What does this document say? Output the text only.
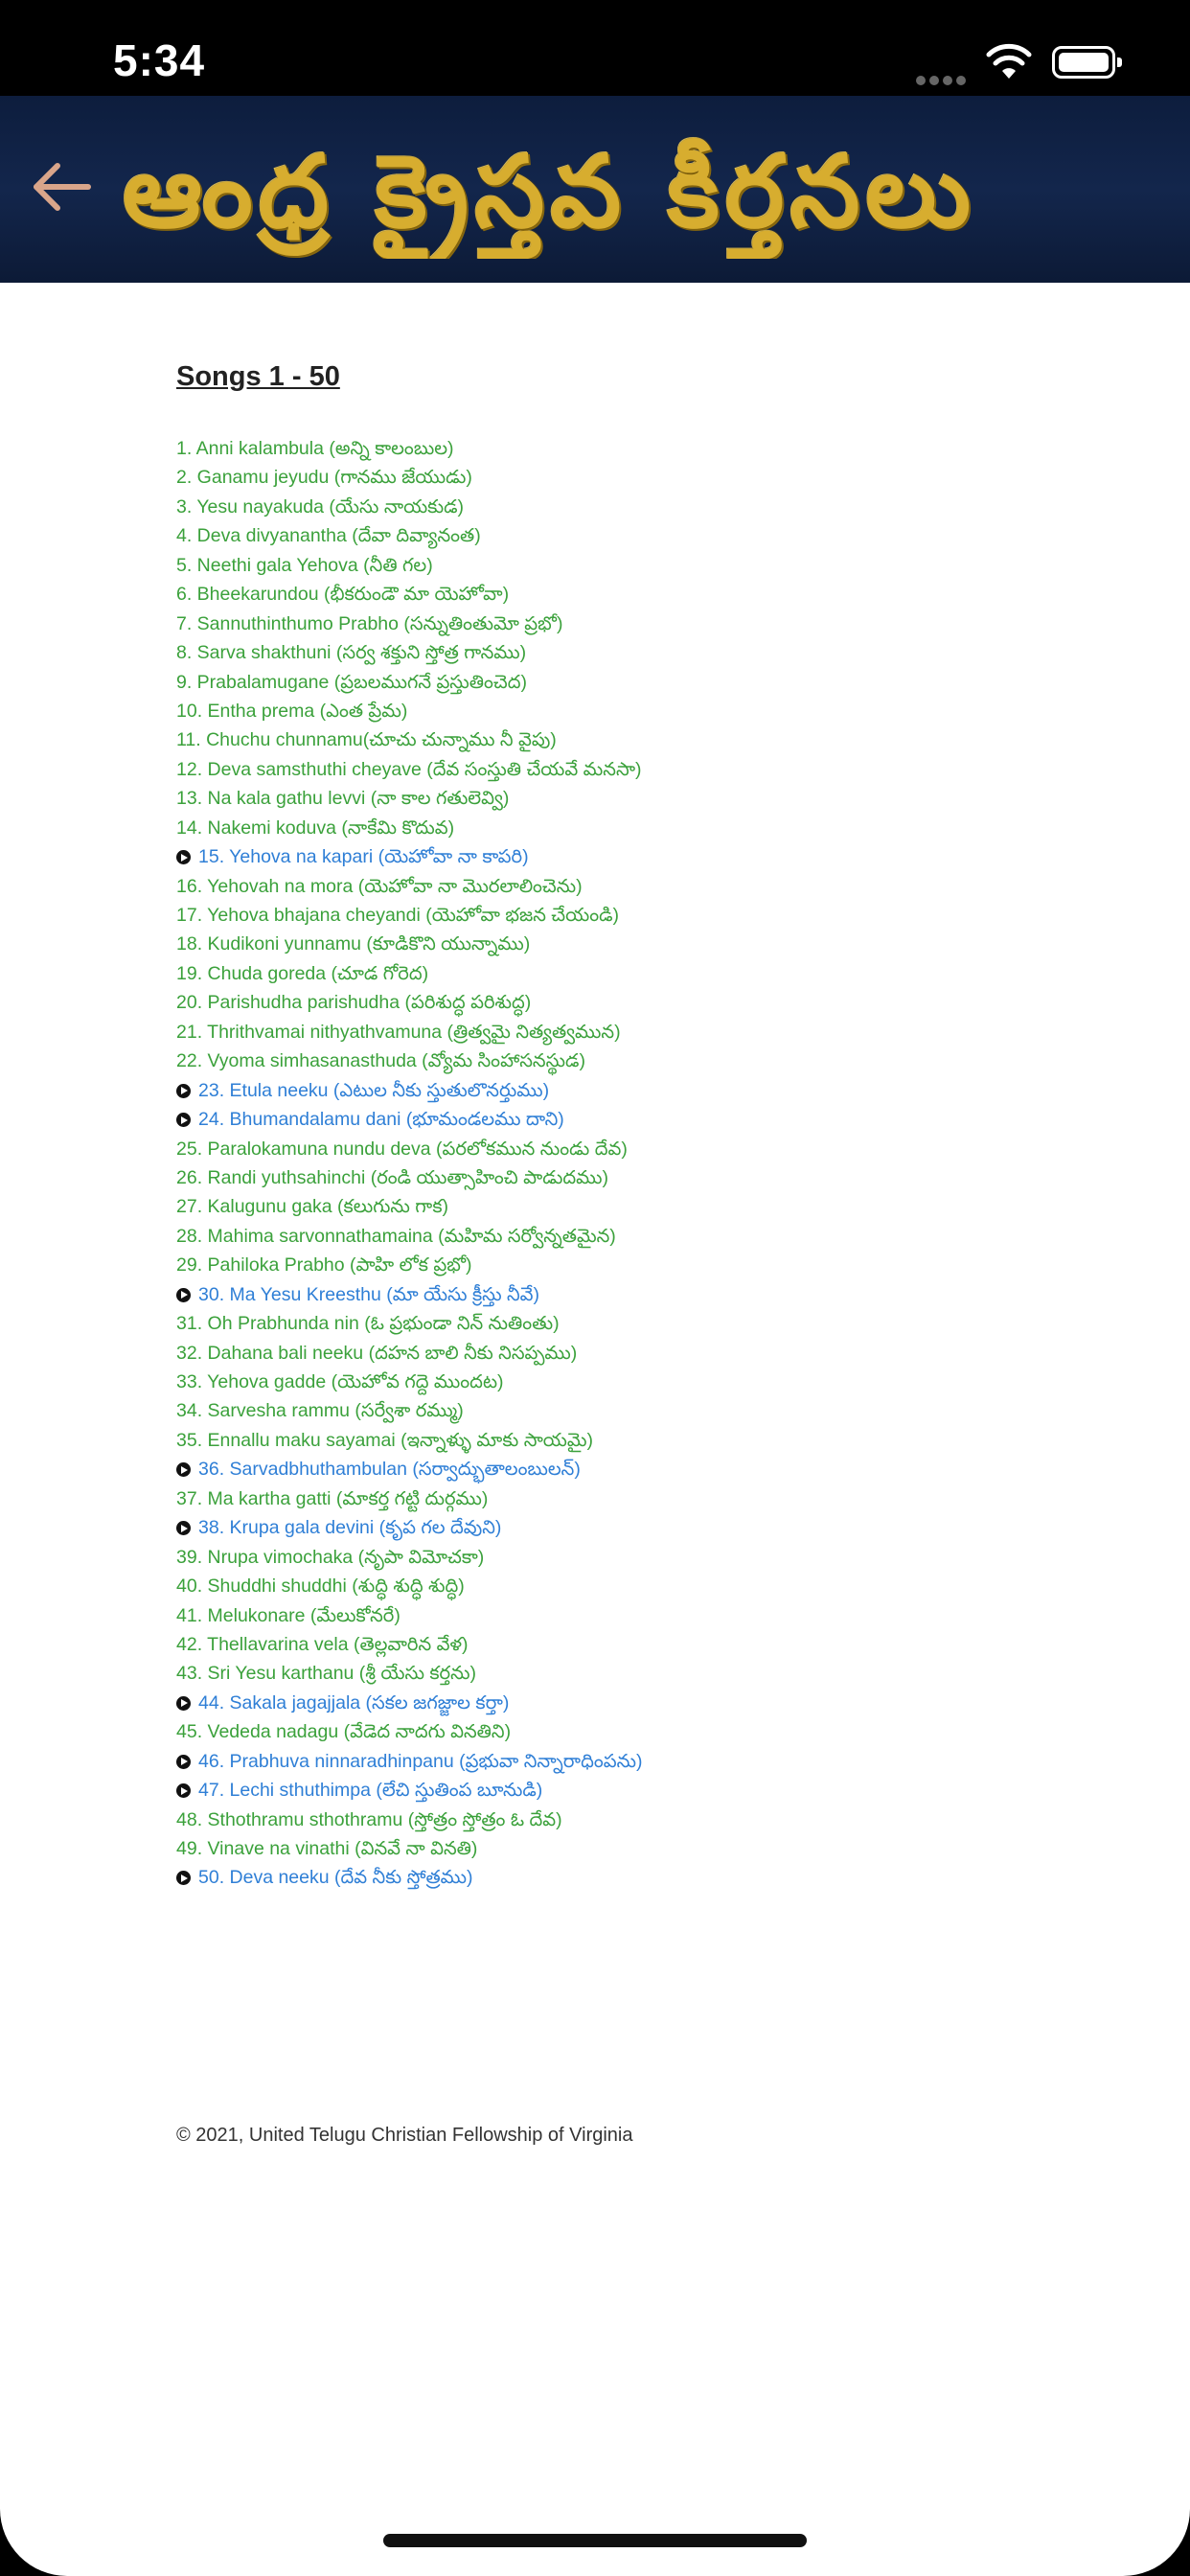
5:34
ఆంధ్ర క్రైస్తవ కీర్తనలు
Songs 1 - 50
1. Anni kalambula (అన్ని కాలంబుల)
2. Ganamu jeyudu (గానము జేయుడు)
3. Yesu nayakuda (యేసు నాయకుడ)
4. Deva divyanantha (దేవా దివ్యానంత)
5. Neethi gala Yehova (నీతి గల)
6. Bheekarundou (భీకరుండౌ మా యెహోవా)
7. Sannuthinthumo Prabho (సన్నుతింతుమో ప్రభో)
8. Sarva shakthuni (సర్వ శక్తుని స్తోత్ర గానము)
9. Prabalamugane (ప్రబలముగనే ప్రస్తుతించెద)
10. Entha prema (ఎంత ప్రేమ)
11. Chuchu chunnamu(చూచు చున్నాము నీ వైపు)
12. Deva samsthuthi cheyave (దేవ సంస్తుతి చేయవే మనసా)
13. Na kala gathu levvi (నా కాల గతులెవ్వి)
14. Nakemi koduva (నాకేమి కొదువ)
15. Yehova na kapari (యెహోవా నా కాపరి)
16. Yehovah na mora (యెహోవా నా మొరలాలించెను)
17. Yehova bhajana cheyandi (యెహోవా భజన చేయండి)
18. Kudikoni yunnamu (కూడికొని యున్నాము)
19. Chuda goreda (చూడ గోరెద)
20. Parishudha parishudha (పరిశుద్ధ పరిశుద్ధ)
21. Thrithvamai nithyathvamuna (త్రిత్వమై నిత్యత్వమున)
22. Vyoma simhasanasthuda (వ్యోమ సింహాసనస్థుడ)
23. Etula neeku (ఎటుల నీకు స్తుతులొనర్తుము)
24. Bhumandalamu dani (భూమండలము దాని)
25. Paralokamuna nundu deva (పరలోకమున నుండు దేవ)
26. Randi yuthsahinchi (రండి యుత్సాహించి పాడుదము)
27. Kalugunu gaka (కలుగును గాక)
28. Mahima sarvonnathamaina (మహిమ సర్వోన్నతమైన)
29. Pahiloka Prabho (పాహి లోక ప్రభో)
30. Ma Yesu Kreesthu (మా యేసు క్రీస్తు నీవే)
31. Oh Prabhunda nin (ఓ ప్రభుండా నిన్ నుతింతు)
32. Dahana bali neeku (దహన బాలి నీకు నిసప్పము)
33. Yehova gadde (యెహోవ గద్దె ముందట)
34. Sarvesha rammu (సర్వేశా రమ్ము)
35. Ennallu maku sayamai (ఇన్నాళ్ళు మాకు సాయమై)
36. Sarvadbhuthambulan (సర్వాద్భుతాలంబులన్)
37. Ma kartha gatti (మాకర్త గట్టి దుర్గము)
38. Krupa gala devini (కృప గల దేవుని)
39. Nrupa vimochaka (నృపా విమోచకా)
40. Shuddhi shuddhi (శుద్ధి శుద్ధి శుద్ధి)
41. Melukonare (మేలుకోనరే)
42. Thellavarina vela (తెల్లవారిన వేళ)
43. Sri Yesu karthanu (శ్రీ యేసు కర్తను)
44. Sakala jagajjala (సకల జగజ్జాల కర్తా)
45. Vededa nadagu (వేడెద నాదగు వినతిని)
46. Prabhuva ninnaradhinpanu (ప్రభువా నిన్నారాధింపను)
47. Lechi sthuthimpa (లేచి స్తుతింప బూనుడి)
48. Sthothramu sthothramu (స్తోత్రం స్తోత్రం ఓ దేవ)
49. Vinave na vinathi (వినవే నా వినతి)
50. Deva neeku (దేవ నీకు స్తోత్రము)
© 2021, United Telugu Christian Fellowship of Virginia
